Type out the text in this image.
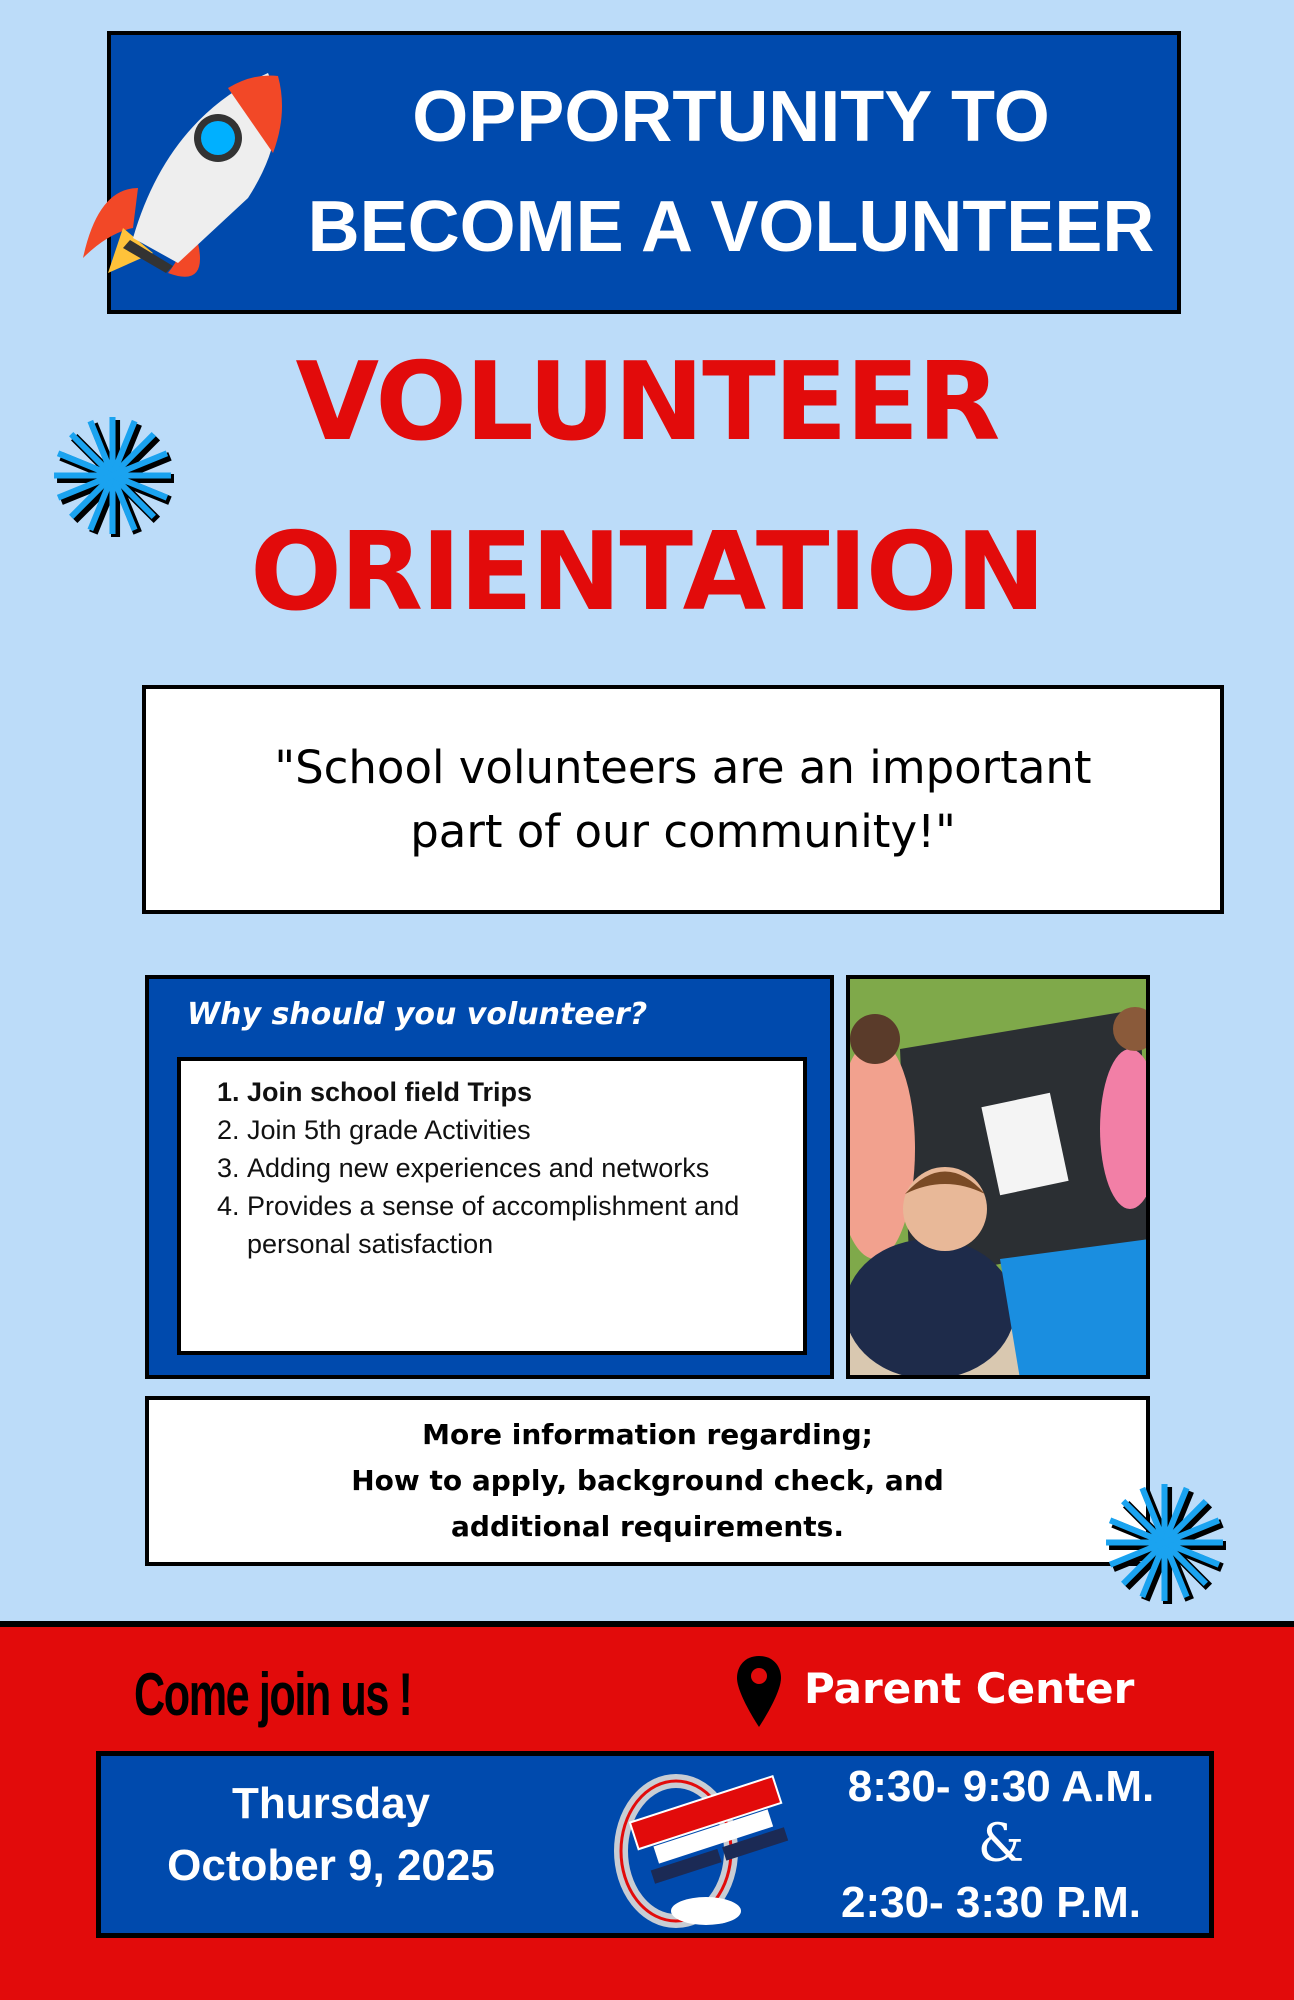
OPPORTUNITY TO
BECOME A VOLUNTEER
VOLUNTEER
ORIENTATION
"School volunteers are an important part of our community!"
Why should you volunteer?
1. Join school field Trips
2. Join 5th grade Activities
3. Adding new experiences and networks
4. Provides a sense of accomplishment and personal satisfaction
More information regarding;
How to apply, background check, and additional requirements.
Come join us !	Parent Center
Thursday
October 9, 2025
8:30- 9:30 A.M.
&
2:30- 3:30 P.M.
